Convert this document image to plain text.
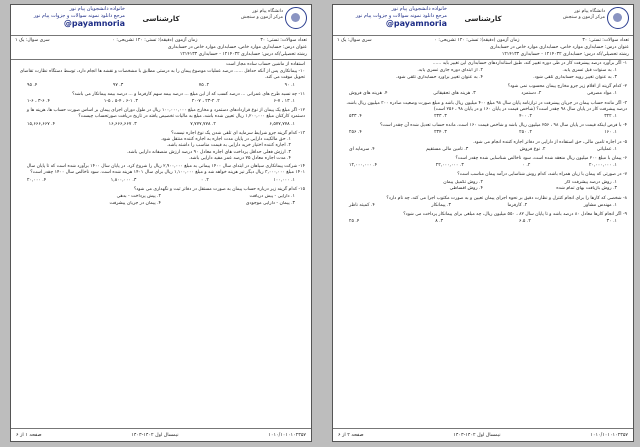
دانشگاه پیام نور
مرکز آزمون و سنجش
کارشناسی
خانواده دانشجویان پیام نور
مرجع دانلود نمونه سوالات و جزوات پیام نور
@payamnoria
تعداد سوالات: تستی: ۳۰
زمان آزمون (دقیقه): تستی: ۱۲۰ تشریحی: ۰
سری سوال: یک ۱
عنوان درس: حسابداری موارد خاص، حسابداری موارد خاص در حسابداری
رشته تحصیلی/کد درس: حسابداری ۱۲۱۴۰۳۲ - حسابداری ۱۲۱۴۱۳۳
۱- اگر برآورد درصد پیشرفت کار در طی دوره تغییر کند، طبق استانداردهای حسابداری این تغییر باید ......
۱. به سنوات قبل تسری یابد.
۲. از ابتدای دوره جاری تسری یابد.
۳. به عنوان تغییر رویه حسابداری تلقی شود.
۴. به عنوان تغییر برآورد حسابداری تلقی شود.
۲- کدام گزینه از اقلام زیر جزو مخارج پیمان محسوب نمی شود؟
۱. مواد مصرفی
۲. دستمزد
۳. هزینه های تحقیقاتی
۴. هزینه های فروش
۳- اگر مانده حساب پیمان در جریان پیشرفت در ترازنامه پایان سال ۹۸ مبلغ ۴۰۰ میلیون ریال باشد و مبلغ صورت وضعیت صادره ۳۰۰ میلیون ریال باشد، درصد پیشرفت کار در پایان سال ۹۸ چقدر است؟ (شاخص قیمت در پایان ۱۶۰ و در پایان ۹۸ ، ۲۵۶ است)
۱. ۳۲۲
۲. ۴۰۰
۳. ۲۳۳
۴. ۵۳۳
۴- با فرض اینکه قیمت در پایان سال ۹۸ ، ۲۵۶ میلیون ریال باشد و شاخص قیمت ۱۶۰ است، مانده حساب تعدیل شده آن چقدر است؟
۱. ۱۶۰
۲. ۲۵۰
۳. ۲۳۴
۴. ۲۵۶
۵- در اجاره تامین مالی، حق استفاده از دارایی در دفاتر اجاره کننده انجام می شود.
۱. عملیاتی
۲. نوع فروش
۳. تامین مالی مستقیم
۴. سرمایه ای
۶- پیمان با مبلغ ۲۰۰ میلیون ریال منعقد شده است، سود ناخالص شناسایی شده چقدر است؟
۱. ۲۰,۰۰۰,۰۰۰
۲. ۰
۳. ۲۲,۰۰۰,۰۰۰
۴. ۱۲,۰۰۰,۰۰۰
۷- در صورتی که پیمان با زیان همراه باشد، کدام روش شناسایی درآمد پیمان مناسب است؟
۱. روش درصد پیشرفت کار
۲. روش تکمیل پیمان
۳. روش بازیافت بهای تمام شده
۴. روش اقساطی
۸- شخصی که کارها را برای انجام کنترل و نظارت دقیق بر نحوه اجرای پیمان تعیین و به صورت مکتوب اجرا می کند، چه نام دارد؟
۱. مهندس مشاور
۲. کارفرما
۳. پیمانکار
۴. کمیته ناظر
۹- اگر انجام کارها معادل ۸۰ درصد باشد و تا پایان سال ۸۲ ، ۵۵۰ میلیون ریال، چه مبلغی برای پیمانکار پرداخت می شود؟
۱. ۳۰
۲. ۶.۵
۳. ۸
۴. ۲۵
صفحه ۲ از ۶	نیمسال اول ۱۴۰۲-۱۴۰۳	۱۰۱۰/۱۰۱۰۱۰۲۳۵۷
دانشگاه پیام نور
مرکز آزمون و سنجش
کارشناسی
خانواده دانشجویان پیام نور
مرجع دانلود نمونه سوالات و جزوات پیام نور
@payamnoria
تعداد سوالات: تستی: ۳۰
زمان آزمون (دقیقه): تستی: ۱۲۰ تشریحی: ۰
سری سوال: یک ۱
عنوان درس: حسابداری موارد خاص، حسابداری موارد خاص در حسابداری
رشته تحصیلی/کد درس: حسابداری ۱۲۱۴۰۳۲ - حسابداری ۱۲۱۴۱۳۳
استفاده از ماشین حساب ساده مجاز است
۱۰- پیمانکاری پس از آنکه حداقل ...... درصد عملیات موضوع پیمان را به درستی مطابق با مشخصات و نقشه ها انجام دارد، توسط دستگاه نظارت تقاضای تحویل موقت می کند.
۱. ۹۰
۲. ۷۵
۳. ۹۷
۴. ۹۵
۱۱- چه نسبه طرح های عمرانی ... درصد کسب که از این مبلغ ... درصد بیمه سهم کارفرما و ... درصد بیمه پیمانکار می باشد؟
۱. ۱۳ ، ۶-۷
۲. ۲۳-۲ ، ۲۰-۷
۳. ۶-۱ ، ۵-۴ ، ۱-۵
۴. ۳-۶ ، ۱-۶
۱۲- اگر مبلغ یک پیمان از نوع قراردادهای دستمزد و مخارج مبلغ ۱۰۰,۰۰۰,۰۰۰ ریال در طول دوران اجرای پیمان بر اساس صورت حساب ها، هزینه ها و دستمزد کارکنان مبلغ ۱,۲۰۰,۰۰۰ ریال تعیین شده باشد، مبلغ به مالیات تخصیص یافته در تاریخ دریافت صورتحساب چیست؟
۱. ۶,۵۷۷,۷۷۸
۲. ۷,۷۷۷,۷۷۸
۳. ۱۶,۶۶۶,۶۶۷
۴. ۱۵,۶۶۶,۶۶۷
۱۳- کدام گزینه جزو شرایط سرمایه ای تلقی شدن یک نوع اجاره نیست؟
۱. حق مالکیت دارایی در پایان مدت اجاره به اجاره کننده منتقل شود.
۲. اجاره کننده اختیار خرید دارایی به قیمت مناسب را داشته باشد.
۳. ارزش فعلی حداقل پرداخت های اجاره معادل ۹۰ درصد ارزش منصفانه دارایی باشد.
۴. مدت اجاره معادل ۷۵ درصد عمر مفید دارایی باشد.
۱۴- شرکت پیمانکاری سیاهان در ابتدای سال ۱۴۰۰ پیمانی به مبلغ ۲,۹۰۰,۰۰۰ ریال را شروع کرد. در پایان سال ۱۴۰۰ برآورد شده است که تا پایان سال ۱۴۰۱ مبلغ ۳,۰۰۰,۰۰۰ ریال دیگر نیز هزینه خواهد شد و مبلغ ۱,۱۰۰,۰۰۰ ریال برای سال ۱۴۰۱ هزینه شده است. سود ناخالص سال ۱۴۰۰ چقدر است؟
۱. ۱۰۰,۰۰۰
۲. ۰
۳. ۱,۸۰۰,۰۰۰
۴. ۲۰,۰۰۰
۱۵- کدام گزینه زیر درباره حساب پیمان به صورت مستقل در دفاتر ثبت و نگهداری می شود؟
۱. دارایی - پیش دریافت
۲. پیش پرداخت - بدهی
۳. پیمان - دارایی موجودی
۴. پیمان در جریان پیشرفت
صفحه ۱ از ۶	نیمسال اول ۱۴۰۲-۱۴۰۳	۱۰۱۰/۱۰۱۰۱۰۲۳۵۷
